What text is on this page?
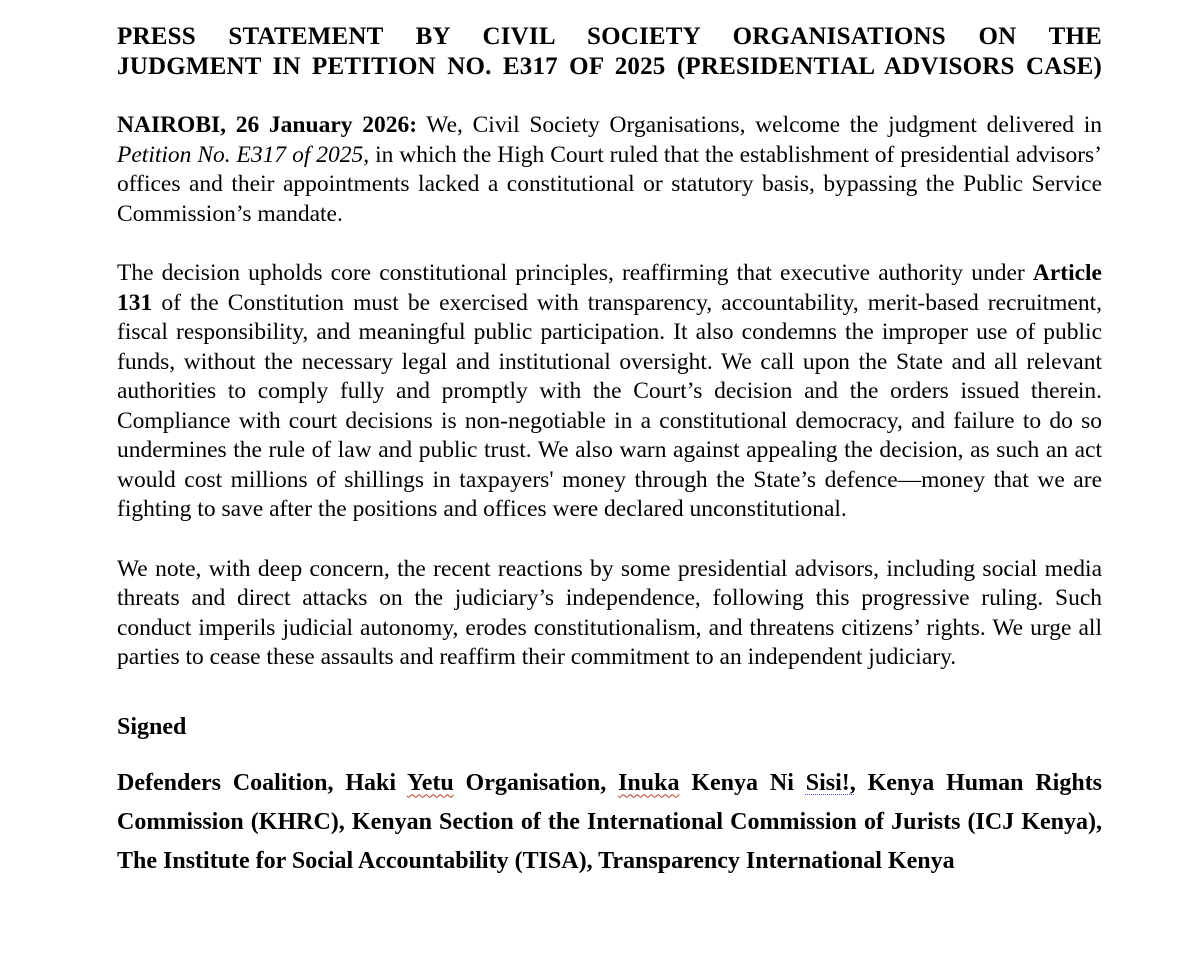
PRESS STATEMENT BY CIVIL SOCIETY ORGANISATIONS ON THE

JUDGMENT IN PETITION NO. E317 OF 2025 (PRESIDENTIAL ADVISORS CASE)

NAIROBI, 26 January 2026: We, Civil Society Organisations, welcome the judgment delivered in Petition No. E317 of 2025, in which the High Court ruled that the establishment of presidential advisors’ offices and their appointments lacked a constitutional or statutory basis, bypassing the Public Service Commission’s mandate.

The decision upholds core constitutional principles, reaffirming that executive authority under Article 131 of the Constitution must be exercised with transparency, accountability, merit-based recruitment, fiscal responsibility, and meaningful public participation. It also condemns the improper use of public funds, without the necessary legal and institutional oversight. We call upon the State and all relevant authorities to comply fully and promptly with the Court’s decision and the orders issued therein. Compliance with court decisions is non-negotiable in a constitutional democracy, and failure to do so undermines the rule of law and public trust. We also warn against appealing the decision, as such an act would cost millions of shillings in taxpayers' money through the State’s defence—money that we are fighting to save after the positions and offices were declared unconstitutional.

We note, with deep concern, the recent reactions by some presidential advisors, including social media threats and direct attacks on the judiciary’s independence, following this progressive ruling. Such conduct imperils judicial autonomy, erodes constitutionalism, and threatens citizens’ rights. We urge all parties to cease these assaults and reaffirm their commitment to an independent judiciary.

Signed

Defenders Coalition, Haki Yetu Organisation, Inuka Kenya Ni Sisi!, Kenya Human Rights Commission (KHRC), Kenyan Section of the International Commission of Jurists (ICJ Kenya), The Institute for Social Accountability (TISA), Transparency International Kenya
